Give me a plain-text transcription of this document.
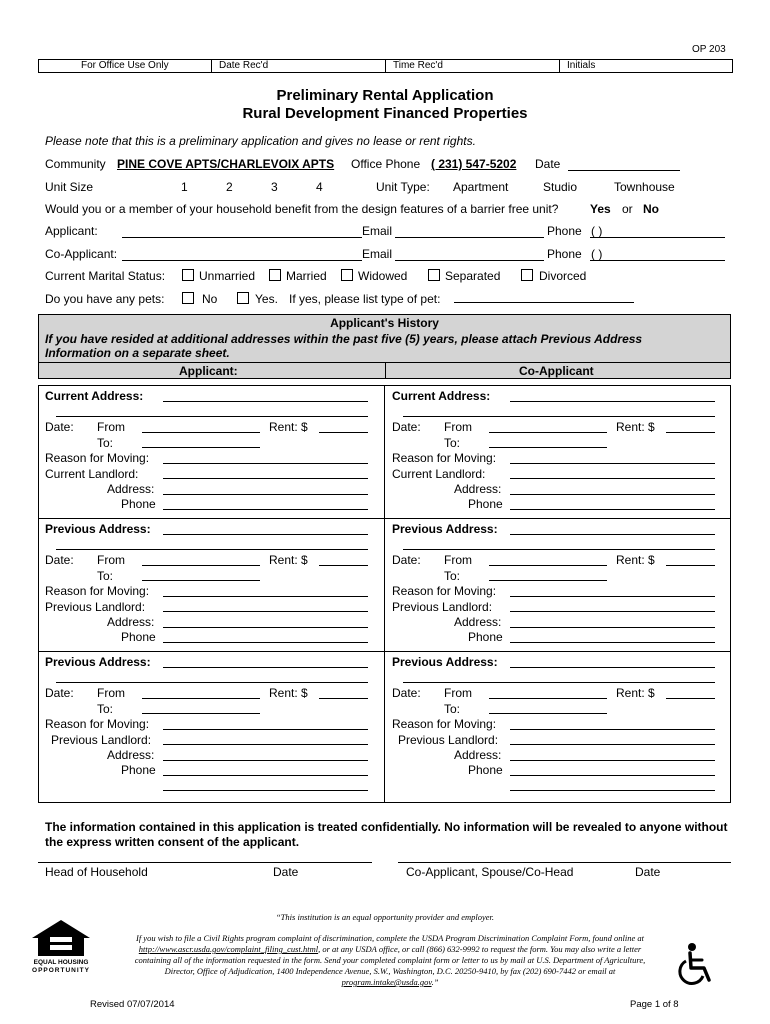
OP 203
For Office Use Only	Date Rec'd	Time Rec'd	Initials
Preliminary Rental Application
Rural Development Financed Properties
Please note that this is a preliminary application and gives no lease or rent rights.
Community PINE COVE APTS/CHARLEVOIX APTS Office Phone ( 231) 547-5202 Date
Unit Size	1	2	3	4	Unit Type: Apartment	Studio	Townhouse
Would you or a member of your household benefit from the design features of a barrier free unit?	Yes or No
Applicant:	Email	Phone ( )
Co-Applicant:	Email	Phone ( )
Current Marital Status:	Unmarried	Married	Widowed	Separated	Divorced
Do you have any pets:	No	Yes. If yes, please list type of pet:
Applicant's History
If you have resided at additional addresses within the past five (5) years, please attach Previous Address Information on a separate sheet.
Applicant:	Co-Applicant
Current Address:
Date: From	Rent: $
To:
Reason for Moving:
Current Landlord:
Address:
Phone
Current Address:
Date: From	Rent: $
To:
Reason for Moving:
Current Landlord:
Address:
Phone
Previous Address:
Date: From	Rent: $
To:
Reason for Moving:
Previous Landlord:
Address:
Phone
Previous Address:
Date: From	Rent: $
To:
Reason for Moving:
Previous Landlord:
Address:
Phone
Previous Address:
Date: From	Rent: $
To:
Reason for Moving:
Previous Landlord:
Address:
Phone
Previous Address:
Date: From	Rent: $
To:
Reason for Moving:
Previous Landlord:
Address:
Phone
The information contained in this application is treated confidentially. No information will be revealed to anyone without the express written consent of the applicant.
Head of Household	Date	Co-Applicant, Spouse/Co-Head	Date
“This institution is an equal opportunity provider and employer.
If you wish to file a Civil Rights program complaint of discrimination, complete the USDA Program Discrimination Complaint Form, found online at
http://www.ascr.usda.gov/complaint_filing_cust.html, or at any USDA office, or call (866) 632-9992 to request the form. You may also write a letter
containing all of the information requested in the form. Send your completed complaint form or letter to us by mail at U.S. Department of Agriculture,
Director, Office of Adjudication, 1400 Independence Avenue, S.W., Washington, D.C. 20250-9410, by fax (202) 690-7442 or email at
program.intake@usda.gov.”
EQUAL HOUSING
OPPORTUNITY
Revised 07/07/2014	Page 1 of 8
